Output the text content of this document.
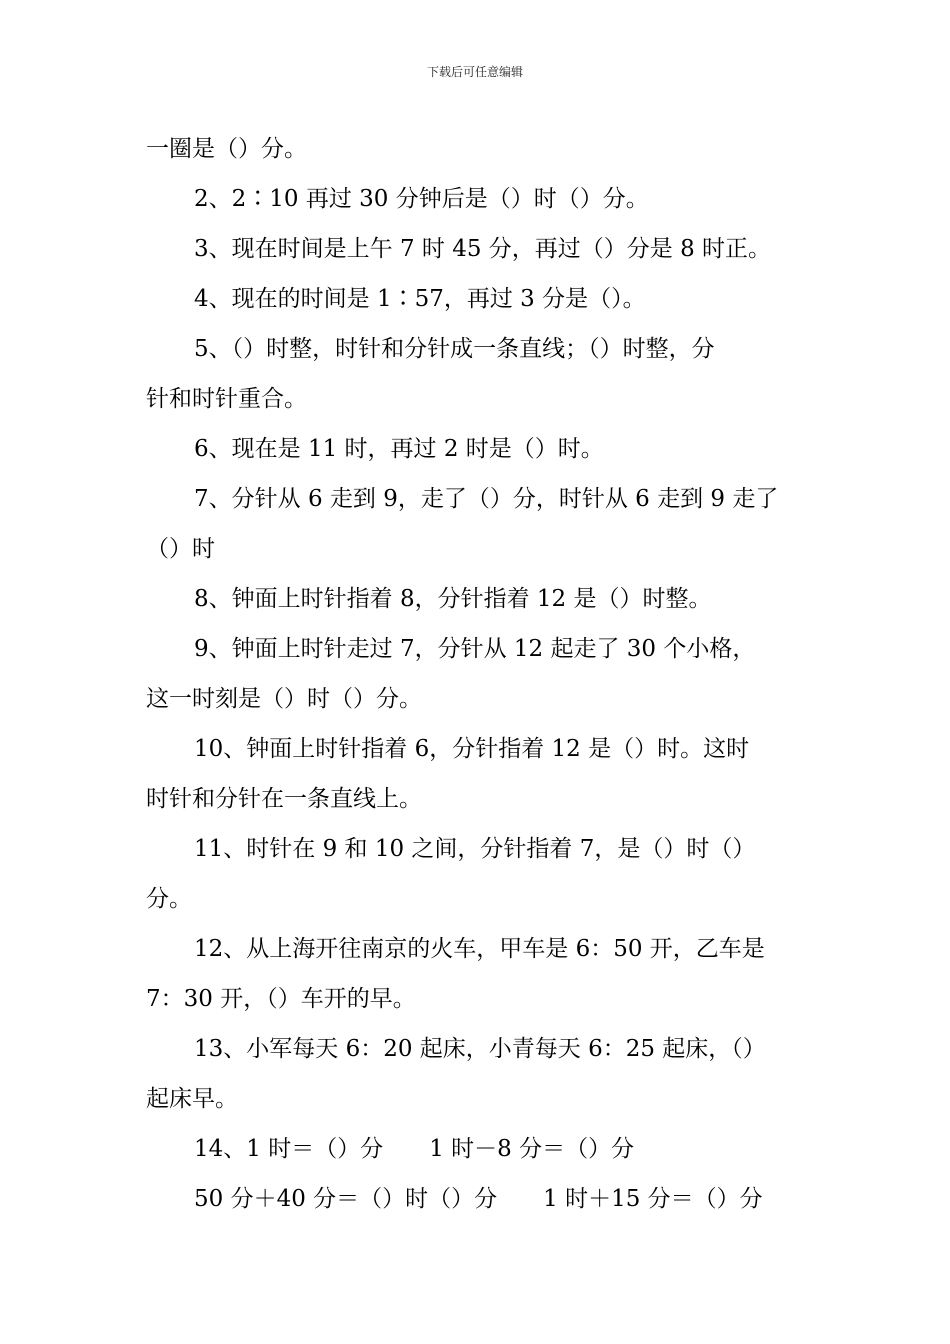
下载后可任意编辑
一圈是（）分。
2、2∶10 再过 30 分钟后是（）时（）分。
3、现在时间是上午 7 时 45 分，再过（）分是 8 时正。
4、现在的时间是 1∶57，再过 3 分是（）。
5、（）时整，时针和分针成一条直线；（）时整，分
针和时针重合。
6、现在是 11 时，再过 2 时是（）时。
7、分针从 6 走到 9，走了（）分，时针从 6 走到 9 走了
（）时
8、钟面上时针指着 8，分针指着 12 是（）时整。
9、钟面上时针走过 7，分针从 12 起走了 30 个小格，
这一时刻是（）时（）分。
10、钟面上时针指着 6，分针指着 12 是（）时。这时
时针和分针在一条直线上。
11、时针在 9 和 10 之间，分针指着 7，是（）时（）
分。
12、从上海开往南京的火车，甲车是 6：50 开，乙车是
7：30 开，（）车开的早。
13、小军每天 6：20 起床，小青每天 6：25 起床，（）
起床早。
14、1 时＝（）分　　1 时－8 分＝（）分
50 分＋40 分＝（）时（）分　　1 时＋15 分＝（）分
